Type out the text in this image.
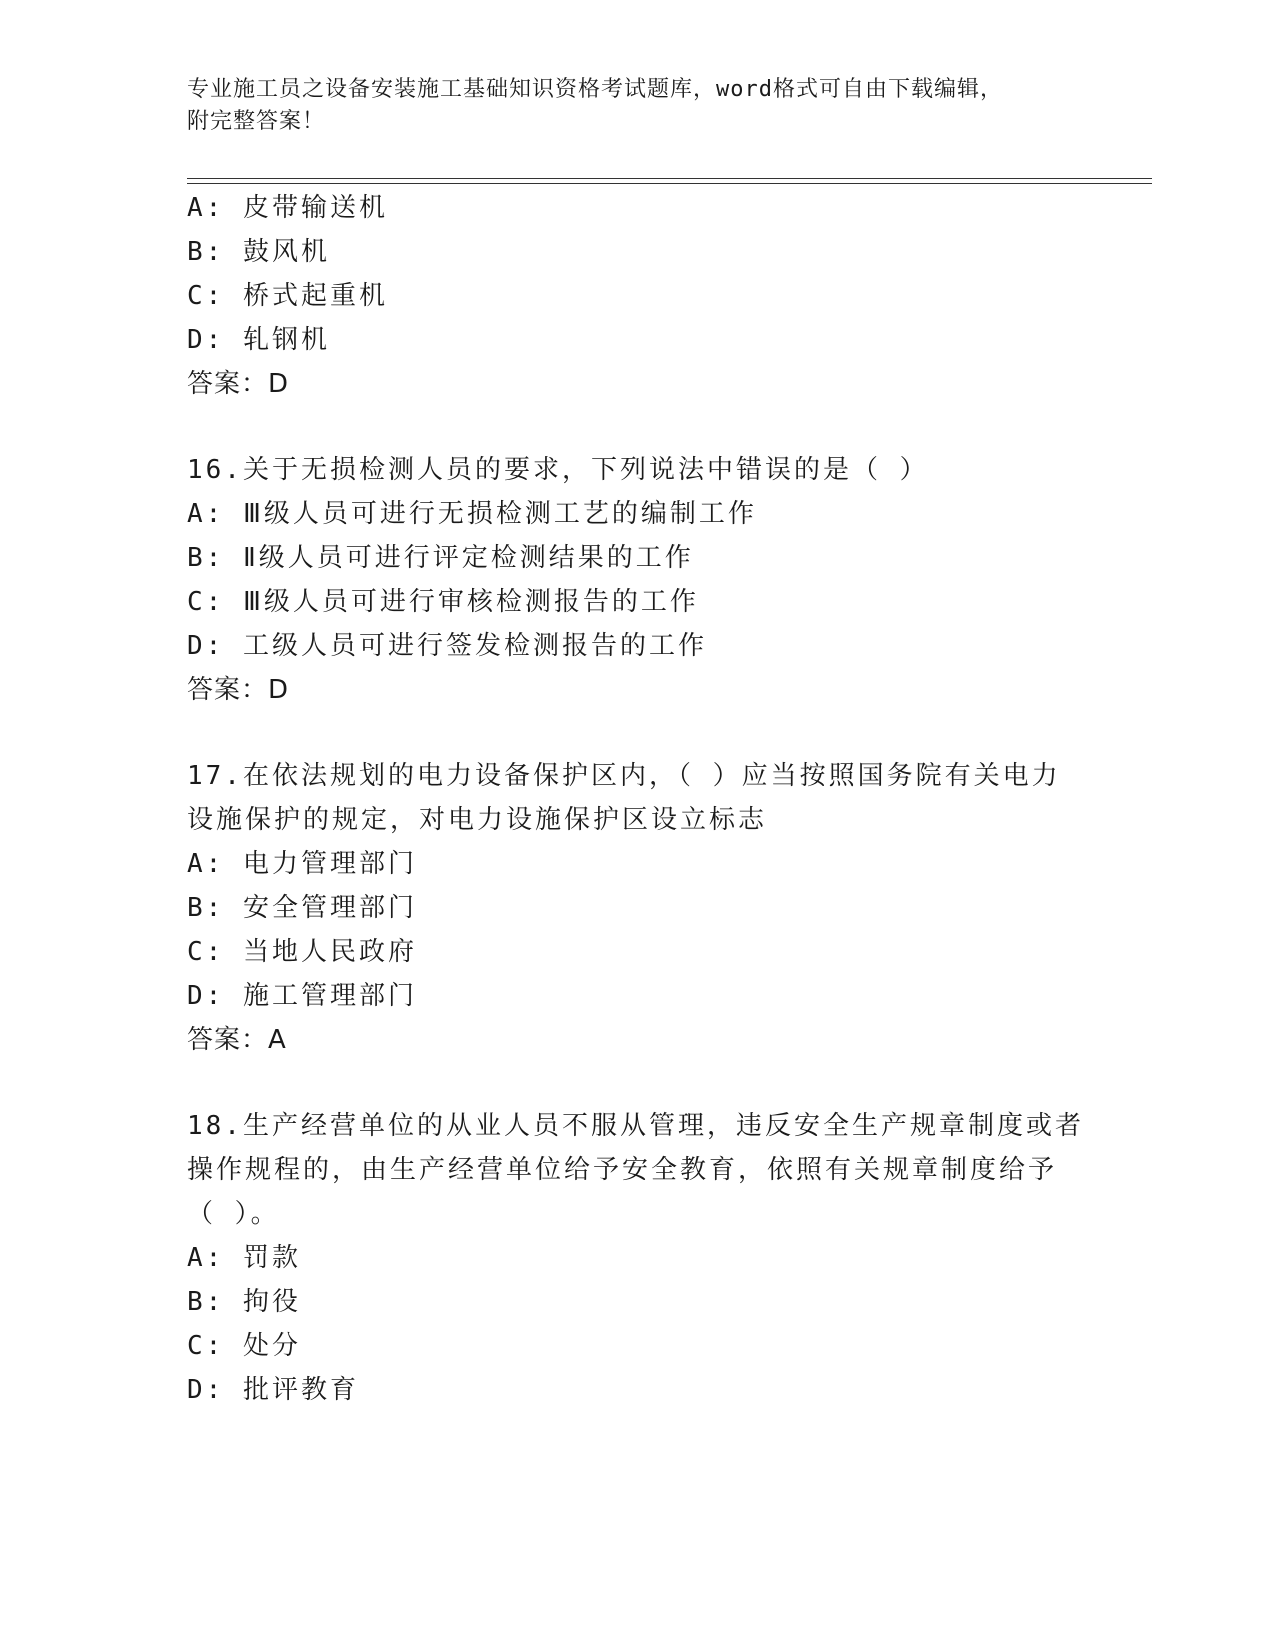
专业施工员之设备安装施工基础知识资格考试题库，word格式可自由下载编辑，
附完整答案！
A: 皮带输送机
B: 鼓风机
C: 桥式起重机
D: 轧钢机
答案：D
16.关于无损检测人员的要求，下列说法中错误的是（ ）
A: Ⅲ级人员可进行无损检测工艺的编制工作
B: Ⅱ级人员可进行评定检测结果的工作
C: Ⅲ级人员可进行审核检测报告的工作
D: 工级人员可进行签发检测报告的工作
答案：D
17.在依法规划的电力设备保护区内，（ ）应当按照国务院有关电力
设施保护的规定，对电力设施保护区设立标志
A: 电力管理部门
B: 安全管理部门
C: 当地人民政府
D: 施工管理部门
答案：A
18.生产经营单位的从业人员不服从管理，违反安全生产规章制度或者
操作规程的，由生产经营单位给予安全教育，依照有关规章制度给予
（ ）。
A: 罚款
B: 拘役
C: 处分
D: 批评教育
